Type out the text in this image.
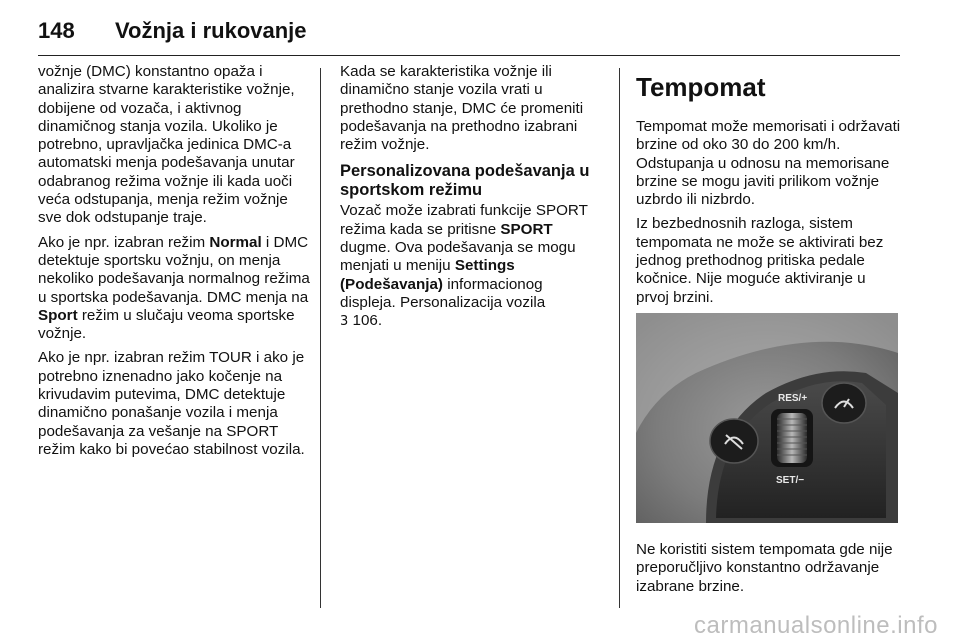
148 Vožnja i rukovanje

vožnje (DMC) konstantno opaža i analizira stvarne karakteristike vožnje, dobijene od vozača, i aktivnog dinamičnog stanja vozila. Ukoliko je potrebno, upravljačka jedinica DMC-a automatski menja podešavanja unutar odabranog režima vožnje ili kada uoči veća odstupanja, menja režim vožnje sve dok odstupanje traje.

Ako je npr. izabran režim Normal i DMC detektuje sportsku vožnju, on menja nekoliko podešavanja normalnog režima u sportska podešavanja. DMC menja na Sport režim u slučaju veoma sportske vožnje.

Ako je npr. izabran režim TOUR i ako je potrebno iznenadno jako kočenje na krivudavim putevima, DMC detektuje dinamično ponašanje vozila i menja podešavanja za vešanje na SPORT režim kako bi povećao stabilnost vozila.

Kada se karakteristika vožnje ili dinamično stanje vozila vrati u prethodno stanje, DMC će promeniti podešavanja na prethodno izabrani režim vožnje.

Personalizovana podešavanja u sportskom režimu

Vozač može izabrati funkcije SPORT režima kada se pritisne SPORT dugme. Ova podešavanja se mogu menjati u meniju Settings (Podešavanja) informacionog displeja. Personalizacija vozila
3 106.

Tempomat

Tempomat može memorisati i održavati brzine od oko 30 do 200 km/h. Odstupanja u odnosu na memorisane brzine se mogu javiti prilikom vožnje uzbrdo ili nizbrdo.

Iz bezbednosnih razloga, sistem tempomata ne može se aktivirati bez jednog prethodnog pritiska pedale kočnice. Nije moguće aktiviranje u prvoj brzini.

RES/+
SET/−

Ne koristiti sistem tempomata gde nije preporučljivo konstantno održavanje izabrane brzine.

carmanualsonline.info
